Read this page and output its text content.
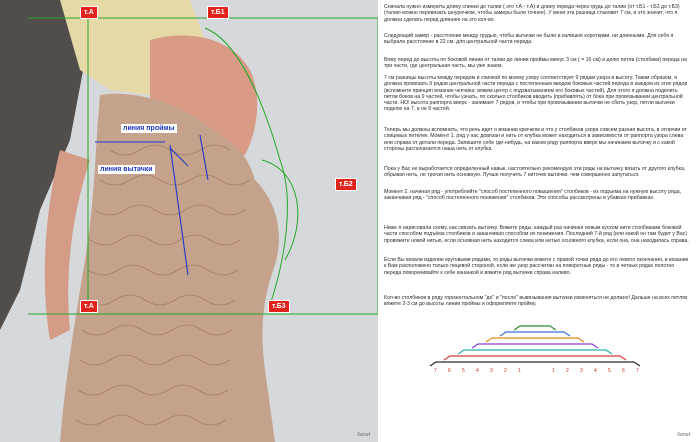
т.А	т.Б1
линия проймы
линия вытачки
т.Б2
т.А	т.Б3
Xenet

Сначала нужно измерить длину спинки до талии ( это т.А - т.А) и длину переда через грудь до талии (от т.Б1 - т.Б2 до т.Б3) (талию можно перевязать шнурочком, чтобы замеры были точнее). У меня эта разница становит 7 см, и это значит, что я должна сделать перед длиннее на это кол-во.

Следующий замер - расстояние между грудью, чтобы вытачки не были и излишне короткими, ни длинными. Для себя я выбрала расстояние в 22 см. для центральной части переда.

Вяжу перед до высоты по боковой линии от талии до линии проймы минус 3 см ( = 16 см) и делю петли (столбики) переда на три части, где центральная часть, мы уже знаем.

7 см разницы высоты между передом и спинкой по моему узору соответствует 9 рядам узора в высоту. Таким образом, я должна провязать 9 рядов центральной части переда с постепенным вводом боковых частей переда в каждом из этих рядов (вспомните принцип вязания чепчика: вяжем центр с подхватыванием его боковых частей). Для этого я должна поделить петли боков на 9 частей, чтобы узнать, по сколько столбиков вводить (прибавлять) от бока при провязывании центральной части. НО! высота раппорта вверх - занимает 7 рядов, и чтобы при провязывании вытачки не сбить узор, петли вытачки поделю на 7, а не 9 частей.

Теперь мы должны вспомнить, что речь идет о вязании крючком и что у столбиков узора совсем разная высота, в отличии от спицевых петелек. Момент 1. ряд у нас довязан и нить от клубка может находиться в зависимости от раппорта узора слева или справа от детали переда. Запишите себе где-нибудь, на каком ряду раппорта вверх мы начинаем вытачку и с какой стороны располагается наша нить от клубка.

Пока у Вас не выработается определенный навык, настоятельно рекомендую эти ряды на вытачку вязать от другого клубка, обрывая нить, не трогая нить основную. Лучше получить 7 ниточек вытачки, чем совершенно запутаться.

Момент 2. начиная ряд - употребляйте "способ постепенного повышения" столбиков - их подъема на нужную высоту ряда, заканчивая ряд - "способ постепенного понижения" столбиков. Эти способы рассмотрены в убавках-прибавках.

Ниже я нарисовала схему, как связать вытачку. Вяжите ряды, каждый раз начиная новым куском нити столбиками боковой части способом подъёма столбиков и заканчивая способом их понижения. Последний 7-й ряд (или какой он там будет у Вас) провяжите новой нитью, если основная нить находится слева или нитью основного клубка, если она, она находилась справа.

Если Вы вязали изделие круговыми рядами, то ряды вытачки вяжите с правой точки ряда до его левого окончания, и вязание к Вам расположено только лицевой стороной, если же узор рассчитан на поворотные ряды - то в четных рядах полотно переда поворачивайте к себе изнанкой и вяжите ряд вытачки справа налево.

Кол-во столбиков в ряду горизонтальном "до" и "после" вывязывания вытачки изменяться не должно! Дальше на всех петлях вяжете 2-3 см до высоты линии проймы и оформляете пройму.

7 6 5 4 3 2 1	1 2 3 4 5 6 7
Xenet
